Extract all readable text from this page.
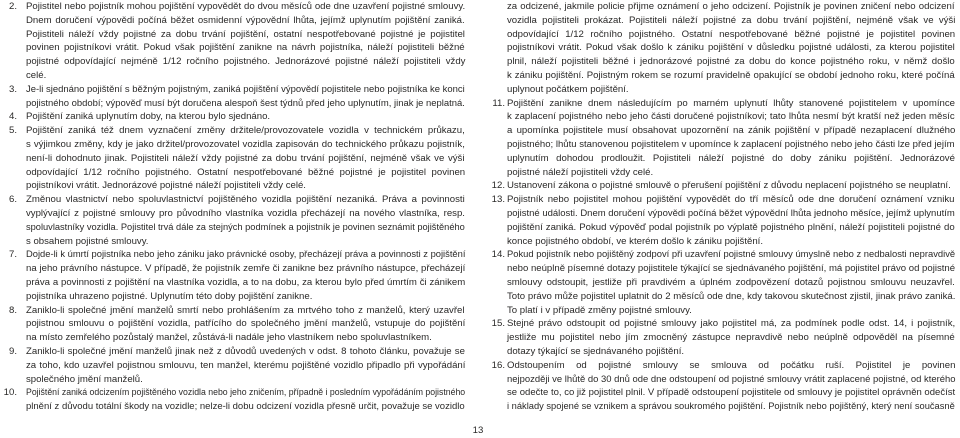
2. Pojistitel nebo pojistník mohou pojištění vypovědět do dvou měsíců ode dne uzavření pojistné smlouvy.
Dnem doručení výpovědi počíná běžet osmidenní výpovědní lhůta, jejímž uplynutím pojištění zaniká.
Pojistiteli náleží vždy pojistné za dobu trvání pojištění, ostatní nespotřebované pojistné je pojistitel
povinen pojistníkovi vrátit. Pokud však pojištění zanikne na návrh pojistníka, náleží pojistiteli běžné
pojistné odpovídající nejméně 1/12 ročního pojistného. Jednorázové pojistné náleží pojistiteli vždy
celé.
3. Je-li sjednáno pojištění s běžným pojistným, zaniká pojištění výpovědí pojistitele nebo pojistníka ke konci
pojistného období; výpověď musí být doručena alespoň šest týdnů před jeho uplynutím, jinak je neplatná.
4. Pojištění zaniká uplynutím doby, na kterou bylo sjednáno.
5. Pojištění zaniká též dnem vyznačení změny držitele/provozovatele vozidla v technickém průkazu,
s výjimkou změny, kdy je jako držitel/provozovatel vozidla zapisován do technického průkazu pojistník,
není-li dohodnuto jinak. Pojistiteli náleží vždy pojistné za dobu trvání pojištění, nejméně však ve výši
odpovídající 1/12 ročního pojistného. Ostatní nespotřebované běžné pojistné je pojistitel povinen
pojistníkovi vrátit. Jednorázové pojistné náleží pojistiteli vždy celé.
6. Změnou vlastnictví nebo spoluvlastnictví pojištěného vozidla pojištění nezaniká. Práva a povinnosti
vyplývající z pojistné smlouvy pro původního vlastníka vozidla přecházejí na nového vlastníka, resp.
spoluvlastníky vozidla. Pojistitel trvá dále za stejných podmínek a pojistník je povinen seznámit pojištěného
s obsahem pojistné smlouvy.
7. Dojde-li k úmrtí pojistníka nebo jeho zániku jako právnické osoby, přecházejí práva a povinnosti z pojištění
na jeho právního nástupce. V případě, že pojistník zemře či zanikne bez právního nástupce, přecházejí
práva a povinnosti z pojištění na vlastníka vozidla, a to na dobu, za kterou bylo před úmrtím či zánikem
pojistníka uhrazeno pojistné. Uplynutím této doby pojištění zanikne.
8. Zaniklo-li společné jmění manželů smrtí nebo prohlášením za mrtvého toho z manželů, který uzavřel
pojistnou smlouvu o pojištění vozidla, patřícího do společného jmění manželů, vstupuje do pojištění
na místo zemřelého pozůstalý manžel, zůstává-li nadále jeho vlastníkem nebo spoluvlastníkem.
9. Zaniklo-li společné jmění manželů jinak než z důvodů uvedených v odst. 8 tohoto článku, považuje se
za toho, kdo uzavřel pojistnou smlouvu, ten manžel, kterému pojištěné vozidlo připadlo při vypořádání
společného jmění manželů.
10. Pojištění zaniká odcizením pojištěného vozidla nebo jeho zničením, případně i posledním vypořádáním pojistného
plnění z důvodu totální škody na vozidle; nelze-li dobu odcizení vozidla přesně určit, považuje se vozidlo
za odcizené, jakmile policie přijme oznámení o jeho odcizení. Pojistník je povinen zničení nebo odcizení
vozidla pojistiteli prokázat. Pojistiteli náleží pojistné za dobu trvání pojištění, nejméně však ve výši
odpovídající 1/12 ročního pojistného. Ostatní nespotřebované běžné pojistné je pojistitel povinen
pojistníkovi vrátit. Pokud však došlo k zániku pojištění v důsledku pojistné události, za kterou pojistitel
plnil, náleží pojistiteli běžné i jednorázové pojistné za dobu do konce pojistného roku, v němž došlo
k zániku pojištění. Pojistným rokem se rozumí pravidelně opakující se období jednoho roku, které počíná
uplynout počátkem pojištění.
11. Pojištění zanikne dnem následujícím po marném uplynutí lhůty stanovené pojistitelem v upomínce
k zaplacení pojistného nebo jeho části doručené pojistníkovi; tato lhůta nesmí být kratší než jeden měsíc
a upomínka pojistitele musí obsahovat upozornění na zánik pojištění v případě nezaplacení dlužného
pojistného; lhůtu stanovenou pojistitelem v upomínce k zaplacení pojistného nebo jeho části lze před jejím
uplynutím dohodou prodloužit. Pojistiteli náleží pojistné do doby zániku pojištění. Jednorázové
pojistné náleží pojistiteli vždy celé.
12. Ustanovení zákona o pojistné smlouvě o přerušení pojištění z důvodu neplacení pojistného se neuplatní.
13. Pojistník nebo pojistitel mohou pojištění vypovědět do tří měsíců ode dne doručení oznámení vzniku
pojistné události. Dnem doručení výpovědi počíná běžet výpovědní lhůta jednoho měsíce, jejímž uplynutím
pojištění zaniká. Pokud výpověď podal pojistník po výplatě pojistného plnění, náleží pojistiteli pojistné do
konce pojistného období, ve kterém došlo k zániku pojištění.
14. Pokud pojistník nebo pojištěný zodpoví při uzavření pojistné smlouvy úmyslně nebo z nedbalosti nepravdivě
nebo neúplně písemné dotazy pojistitele týkající se sjednávaného pojištění, má pojistitel právo od pojistné
smlouvy odstoupit, jestliže při pravdivém a úplném zodpovězení dotazů pojistnou smlouvu neuzavřel.
Toto právo může pojistitel uplatnit do 2 měsíců ode dne, kdy takovou skutečnost zjistil, jinak právo zaniká.
To platí i v případě změny pojistné smlouvy.
15. Stejné právo odstoupit od pojistné smlouvy jako pojistitel má, za podmínek podle odst. 14, i pojistník,
jestliže mu pojistitel nebo jím zmocněný zástupce nepravdivě nebo neúplně odpověděl na písemné
dotazy týkající se sjednávaného pojištění.
16. Odstoupením od pojistné smlouvy se smlouva od počátku ruší. Pojistitel je povinen
nejpozději ve lhůtě do 30 dnů ode dne odstoupení od pojistné smlouvy vrátit zaplacené pojistné, od kterého
se odečte to, co již pojistitel plnil. V případě odstoupení pojistitele od smlouvy je pojistitel oprávněn odečíst
i náklady spojené se vznikem a správou soukromého pojištění. Pojistník nebo pojištěný, který není současně
13
